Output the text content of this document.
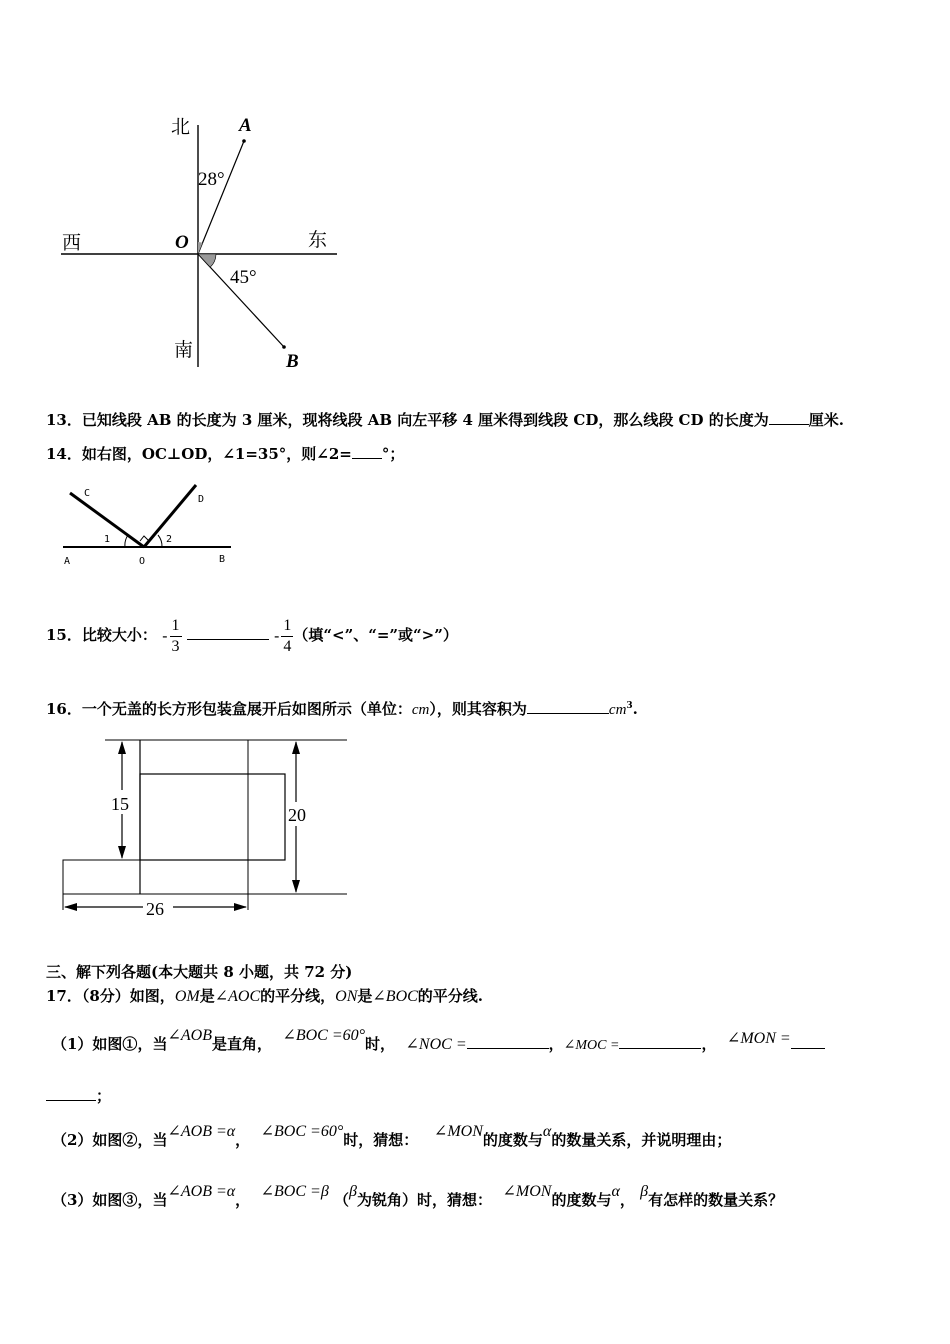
北	A
28°
西	O	东
45°
南
B
13．已知线段 AB 的长度为 3 厘米，现将线段 AB 向左平移 4 厘米得到线段 CD，那么线段 CD 的长度为	厘米.
14．如右图，OC⊥OD，∠1=35°，则∠2= °；
C
D
1	2
A	O	B
15．比较大小： - $\frac{1}{3}$	- $\frac{1}{4}$ （填“<”、“=”或“>”）
16．一个无盖的长方形包装盒展开后如图所示（单位：cm），则其容积为	$cm^3$.
15
20
26
三、解下列各题(本大题共 8 小题，共 72 分)
17．（8分）如图，OM是∠AOC的平分线，ON是∠BOC的平分线.
（1）如图①，当∠AOB是直角， ∠BOC =60°时， ∠NOC =	，∠MOC =	， ∠MON =
；
（2）如图②，当∠AOB =α， ∠BOC =60°时，猜想： ∠MON的度数与α的数量关系，并说明理由；
（3）如图③，当∠AOB =α， ∠BOC =β （β为锐角）时，猜想： ∠MON的度数与α， β有怎样的数量关系？
